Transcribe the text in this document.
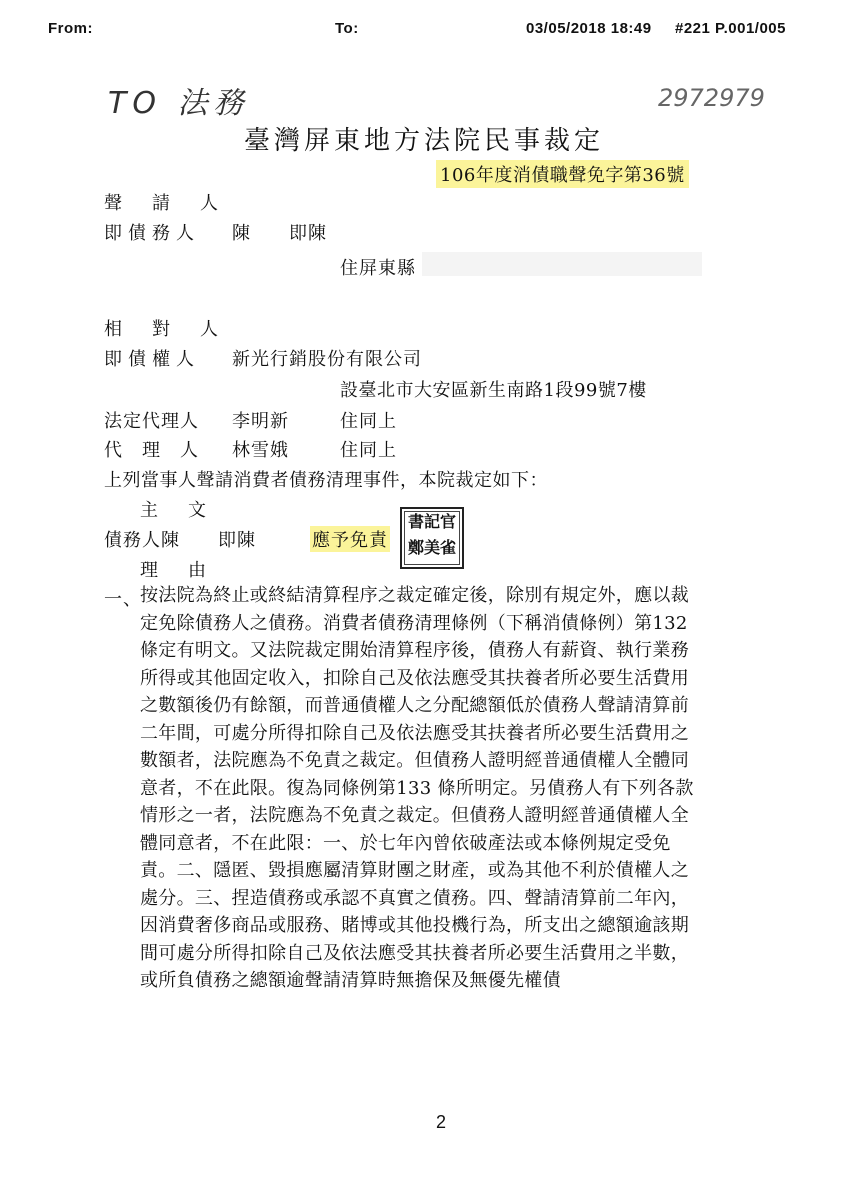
From:	To:	03/05/2018 18:49 #221 P.001/005
TO 法務	2972979
臺灣屏東地方法院民事裁定
106年度消債職聲免字第36號
聲　請　人
即債務人 陳　　即陳
住屏東縣
相　對　人
即債權人 新光行銷股份有限公司
設臺北市大安區新生南路1段99號7樓
法定代理人 李明新	住同上
代　理　人 林雪娥	住同上
上列當事人聲請消費者債務清理事件，本院裁定如下：
主　文
債務人陳　　即陳	應予免責
書記官
鄭美雀
理　由
一、
按法院為終止或終結清算程序之裁定確定後，除別有規定外，應以裁定免除債務人之債務。消費者債務清理條例（下稱消債條例）第132 條定有明文。又法院裁定開始清算程序後，債務人有薪資、執行業務所得或其他固定收入，扣除自己及依法應受其扶養者所必要生活費用之數額後仍有餘額，而普通債權人之分配總額低於債務人聲請清算前二年間，可處分所得扣除自己及依法應受其扶養者所必要生活費用之數額者，法院應為不免責之裁定。但債務人證明經普通債權人全體同意者，不在此限。復為同條例第133 條所明定。另債務人有下列各款情形之一者，法院應為不免責之裁定。但債務人證明經普通債權人全體同意者，不在此限：一、於七年內曾依破產法或本條例規定受免責。二、隱匿、毀損應屬清算財團之財產，或為其他不利於債權人之處分。三、捏造債務或承認不真實之債務。四、聲請清算前二年內，因消費奢侈商品或服務、賭博或其他投機行為，所支出之總額逾該期間可處分所得扣除自己及依法應受其扶養者所必要生活費用之半數，或所負債務之總額逾聲請清算時無擔保及無優先權債
2
